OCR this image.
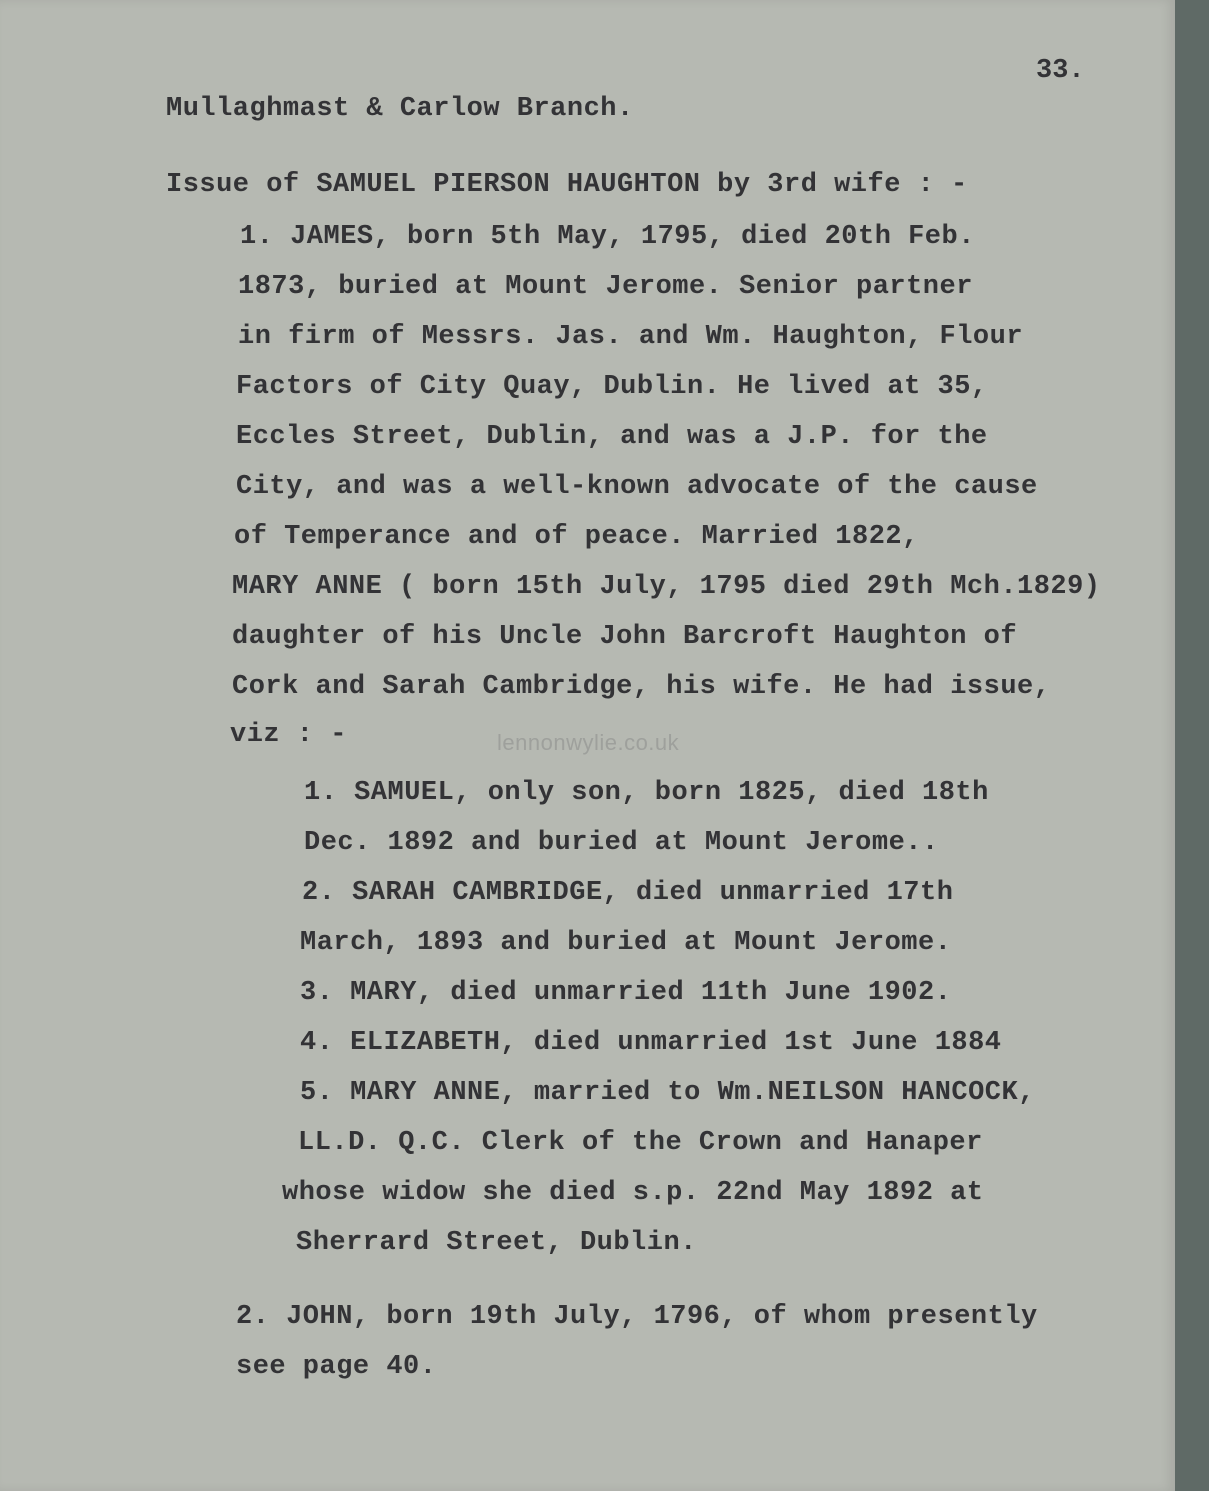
33.
Mullaghmast & Carlow Branch.
Issue of SAMUEL PIERSON HAUGHTON by 3rd wife : -
1. JAMES, born 5th May, 1795, died 20th Feb.
1873, buried at Mount Jerome. Senior partner
in firm of Messrs. Jas. and Wm. Haughton, Flour
Factors of City Quay, Dublin. He lived at 35,
Eccles Street, Dublin, and was a J.P. for the
City, and was a well-known advocate of the cause
of Temperance and of peace. Married 1822,
MARY ANNE ( born 15th July, 1795 died 29th Mch.1829)
daughter of his Uncle John Barcroft Haughton of
Cork and Sarah Cambridge, his wife. He had issue,
viz : -	lennonwylie.co.uk
1. SAMUEL, only son, born 1825, died 18th
Dec. 1892 and buried at Mount Jerome..
2. SARAH CAMBRIDGE, died unmarried 17th
March, 1893 and buried at Mount Jerome.
3. MARY, died unmarried 11th June 1902.
4. ELIZABETH, died unmarried 1st June 1884
5. MARY ANNE, married to Wm.NEILSON HANCOCK,
LL.D. Q.C. Clerk of the Crown and Hanaper
whose widow she died s.p. 22nd May 1892 at
Sherrard Street, Dublin.
2. JOHN, born 19th July, 1796, of whom presently
see page 40.
